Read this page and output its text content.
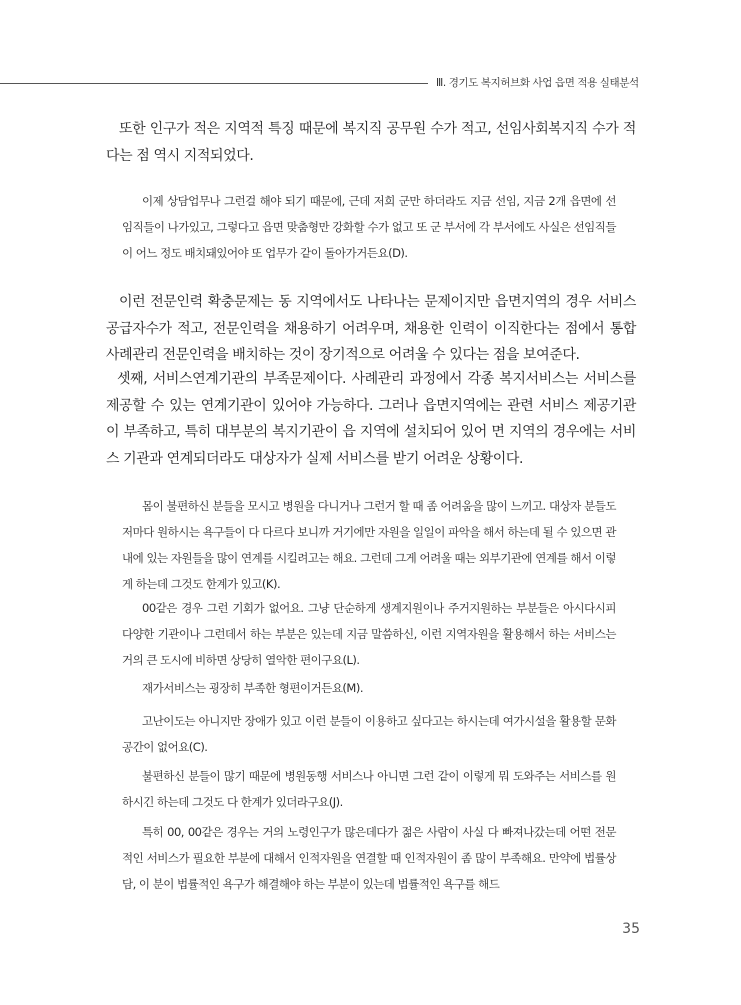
Ⅲ. 경기도 복지허브화 사업 읍면 적용 실태분석

또한 인구가 적은 지역적 특징 때문에 복지직 공무원 수가 적고, 선임사회복지직 수가 적다는 점 역시 지적되었다.

이제 상담업무나 그런걸 해야 되기 때문에, 근데 저희 군만 하더라도 지금 선임, 지금 2개 읍면에 선임직들이 나가있고, 그렇다고 읍면 맞춤형만 강화할 수가 없고 또 군 부서에 각 부서에도 사실은 선임직들이 어느 정도 배치돼있어야 또 업무가 같이 돌아가거든요(D).

이런 전문인력 확충문제는 동 지역에서도 나타나는 문제이지만 읍면지역의 경우 서비스 공급자수가 적고, 전문인력을 채용하기 어려우며, 채용한 인력이 이직한다는 점에서 통합사례관리 전문인력을 배치하는 것이 장기적으로 어려울 수 있다는 점을 보여준다.

셋째, 서비스연계기관의 부족문제이다. 사례관리 과정에서 각종 복지서비스는 서비스를 제공할 수 있는 연계기관이 있어야 가능하다. 그러나 읍면지역에는 관련 서비스 제공기관이 부족하고, 특히 대부분의 복지기관이 읍 지역에 설치되어 있어 면 지역의 경우에는 서비스 기관과 연계되더라도 대상자가 실제 서비스를 받기 어려운 상황이다.

몸이 불편하신 분들을 모시고 병원을 다니거나 그런거 할 때 좀 어려움을 많이 느끼고. 대상자 분들도 저마다 원하시는 욕구들이 다 다르다 보니까 거기에만 자원을 일일이 파악을 해서 하는데 될 수 있으면 관내에 있는 자원들을 많이 연계를 시킬려고는 해요. 그런데 그게 어려울 때는 외부기관에 연계를 해서 이렇게 하는데 그것도 한계가 있고(K).

00같은 경우 그런 기회가 없어요. 그냥 단순하게 생계지원이나 주거지원하는 부분들은 아시다시피 다양한 기관이나 그런데서 하는 부분은 있는데 지금 말씀하신, 이런 지역자원을 활용해서 하는 서비스는 거의 큰 도시에 비하면 상당히 열악한 편이구요(L).

재가서비스는 굉장히 부족한 형편이거든요(M).

고난이도는 아니지만 장애가 있고 이런 분들이 이용하고 싶다고는 하시는데 여가시설을 활용할 문화공간이 없어요(C).

불편하신 분들이 많기 때문에 병원동행 서비스나 아니면 그런 같이 이렇게 뭐 도와주는 서비스를 원하시긴 하는데 그것도 다 한계가 있더라구요(J).

특히 00, 00같은 경우는 거의 노령인구가 많은데다가 젊은 사람이 사실 다 빠져나갔는데 어떤 전문적인 서비스가 필요한 부분에 대해서 인적자원을 연결할 때 인적자원이 좀 많이 부족해요. 만약에 법률상담, 이 분이 법률적인 욕구가 해결해야 하는 부분이 있는데 법률적인 욕구를 해드

35
